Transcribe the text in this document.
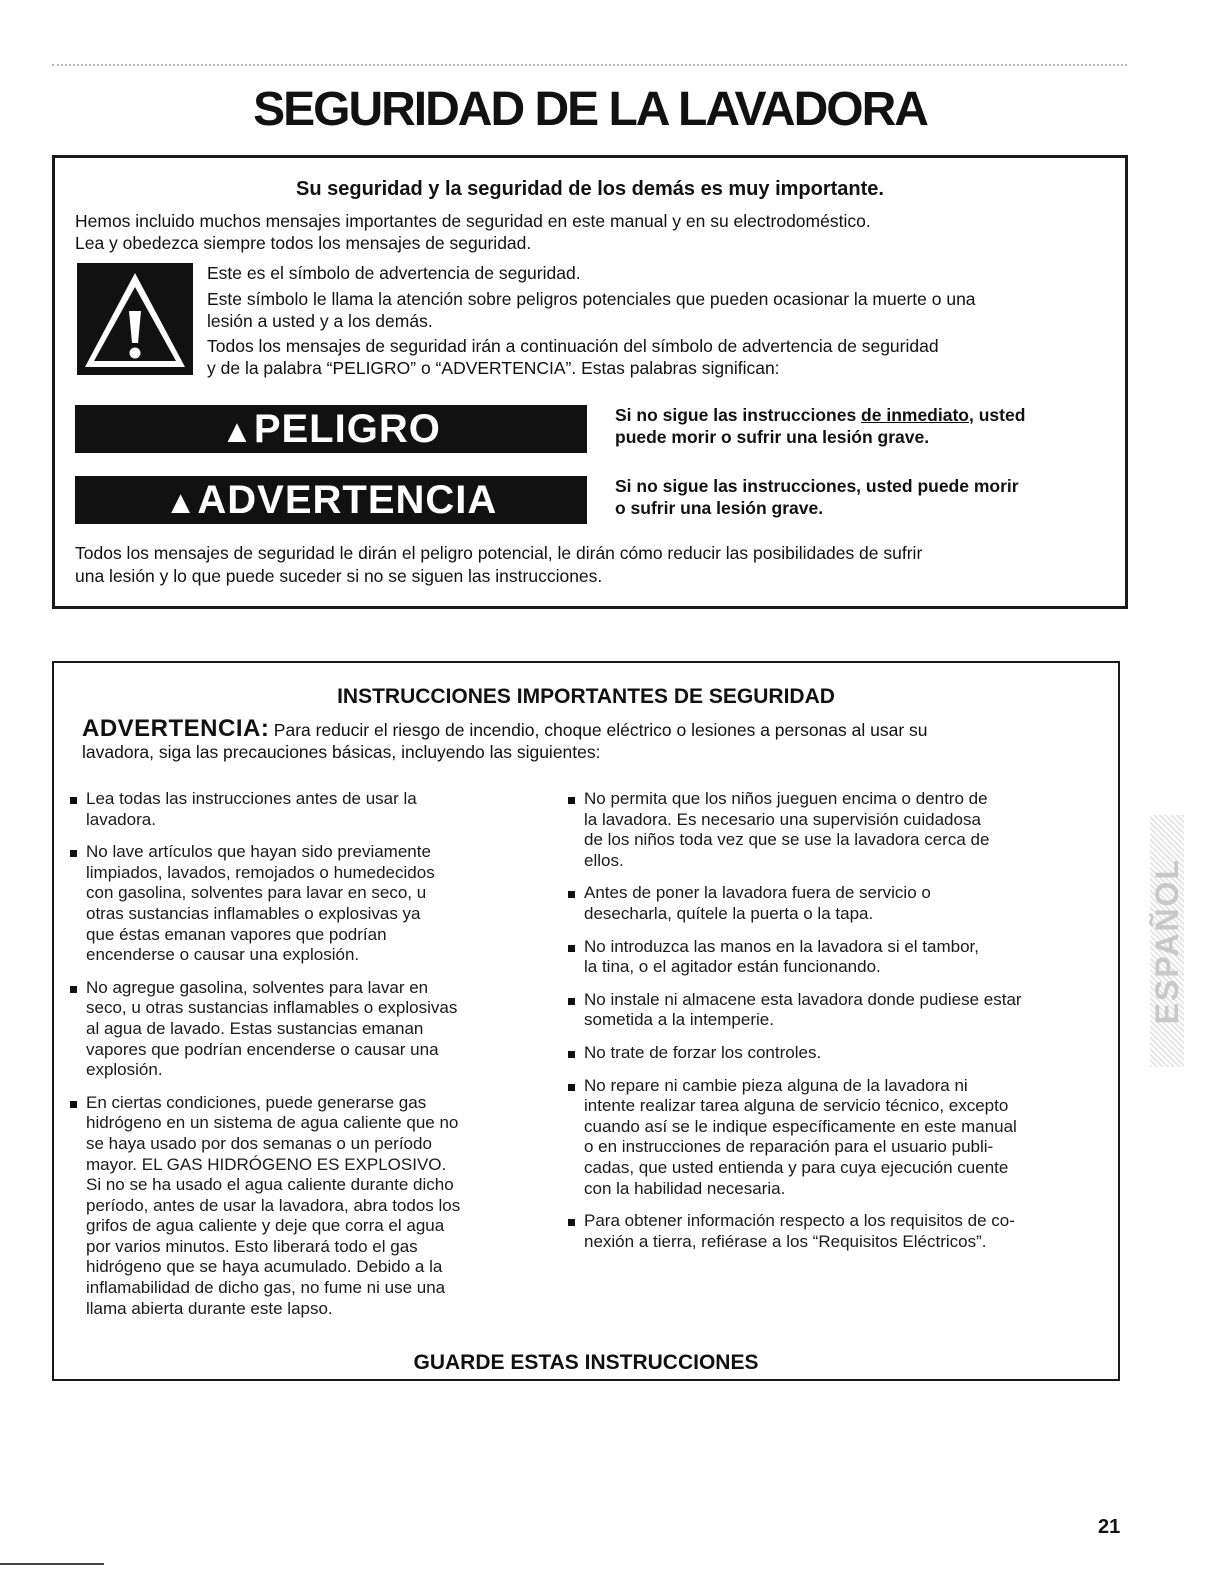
SEGURIDAD DE LA LAVADORA
Su seguridad y la seguridad de los demás es muy importante.
Hemos incluido muchos mensajes importantes de seguridad en este manual y en su electrodoméstico.
Lea y obedezca siempre todos los mensajes de seguridad.
Este es el símbolo de advertencia de seguridad.
Este símbolo le llama la atención sobre peligros potenciales que pueden ocasionar la muerte o una
lesión a usted y a los demás.
Todos los mensajes de seguridad irán a continuación del símbolo de advertencia de seguridad
y de la palabra “PELIGRO” o “ADVERTENCIA”. Estas palabras significan:
▲PELIGRO	Si no sigue las instrucciones de inmediato, usted
puede morir o sufrir una lesión grave.
▲ADVERTENCIA	Si no sigue las instrucciones, usted puede morir
o sufrir una lesión grave.
Todos los mensajes de seguridad le dirán el peligro potencial, le dirán cómo reducir las posibilidades de sufrir
una lesión y lo que puede suceder si no se siguen las instrucciones.
INSTRUCCIONES IMPORTANTES DE SEGURIDAD
ADVERTENCIA: Para reducir el riesgo de incendio, choque eléctrico o lesiones a personas al usar su
lavadora, siga las precauciones básicas, incluyendo las siguientes:
Lea todas las instrucciones antes de usar la
lavadora.
No lave artículos que hayan sido previamente
limpiados, lavados, remojados o humedecidos
con gasolina, solventes para lavar en seco, u
otras sustancias inflamables o explosivas ya
que éstas emanan vapores que podrían
encenderse o causar una explosión.
No agregue gasolina, solventes para lavar en
seco, u otras sustancias inflamables o explosivas
al agua de lavado. Estas sustancias emanan
vapores que podrían encenderse o causar una
explosión.
En ciertas condiciones, puede generarse gas
hidrógeno en un sistema de agua caliente que no
se haya usado por dos semanas o un período
mayor. EL GAS HIDRÓGENO ES EXPLOSIVO.
Si no se ha usado el agua caliente durante dicho
período, antes de usar la lavadora, abra todos los
grifos de agua caliente y deje que corra el agua
por varios minutos. Esto liberará todo el gas
hidrógeno que se haya acumulado. Debido a la
inflamabilidad de dicho gas, no fume ni use una
llama abierta durante este lapso.
No permita que los niños jueguen encima o dentro de
la lavadora. Es necesario una supervisión cuidadosa
de los niños toda vez que se use la lavadora cerca de
ellos.
Antes de poner la lavadora fuera de servicio o
desecharla, quítele la puerta o la tapa.
No introduzca las manos en la lavadora si el tambor,
la tina, o el agitador están funcionando.
No instale ni almacene esta lavadora donde pudiese estar
sometida a la intemperie.
No trate de forzar los controles.
No repare ni cambie pieza alguna de la lavadora ni
intente realizar tarea alguna de servicio técnico, excepto
cuando así se le indique específicamente en este manual
o en instrucciones de reparación para el usuario publi-
cadas, que usted entienda y para cuya ejecución cuente
con la habilidad necesaria.
Para obtener información respecto a los requisitos de co-
nexión a tierra, refiérase a los “Requisitos Eléctricos”.
GUARDE ESTAS INSTRUCCIONES
ESPAÑOL
21
